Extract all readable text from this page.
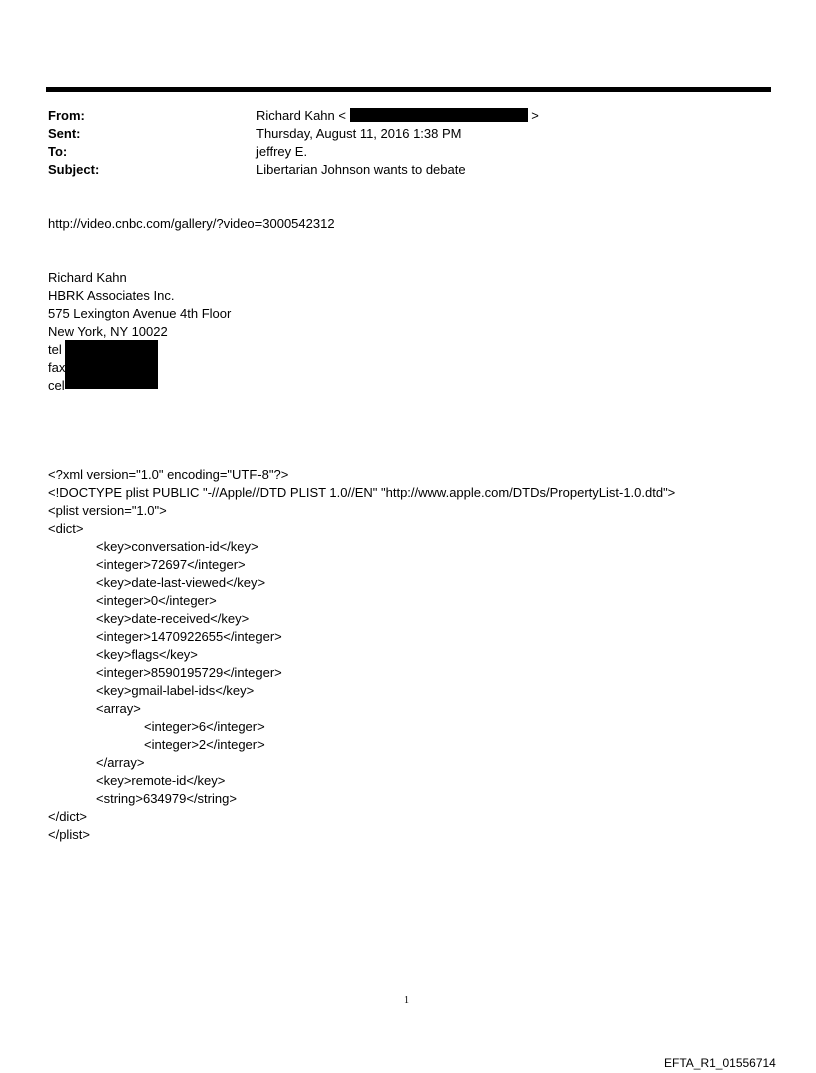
From:	Richard Kahn <	>
Sent:	Thursday, August 11, 2016 1:38 PM
To:	jeffrey E.
Subject:	Libertarian Johnson wants to debate
http://video.cnbc.com/gallery/?video=3000542312
Richard Kahn
HBRK Associates Inc.
575 Lexington Avenue 4th Floor
New York, NY 10022
tel
fax
cel
<?xml version="1.0" encoding="UTF-8"?>
<!DOCTYPE plist PUBLIC "-//Apple//DTD PLIST 1.0//EN" "http://www.apple.com/DTDs/PropertyList-1.0.dtd">
<plist version="1.0">
<dict>
<key>conversation-id</key>
<integer>72697</integer>
<key>date-last-viewed</key>
<integer>0</integer>
<key>date-received</key>
<integer>1470922655</integer>
<key>flags</key>
<integer>8590195729</integer>
<key>gmail-label-ids</key>
<array>
<integer>6</integer>
<integer>2</integer>
</array>
<key>remote-id</key>
<string>634979</string>
</dict>
</plist>
1
EFTA_R1_01556714
